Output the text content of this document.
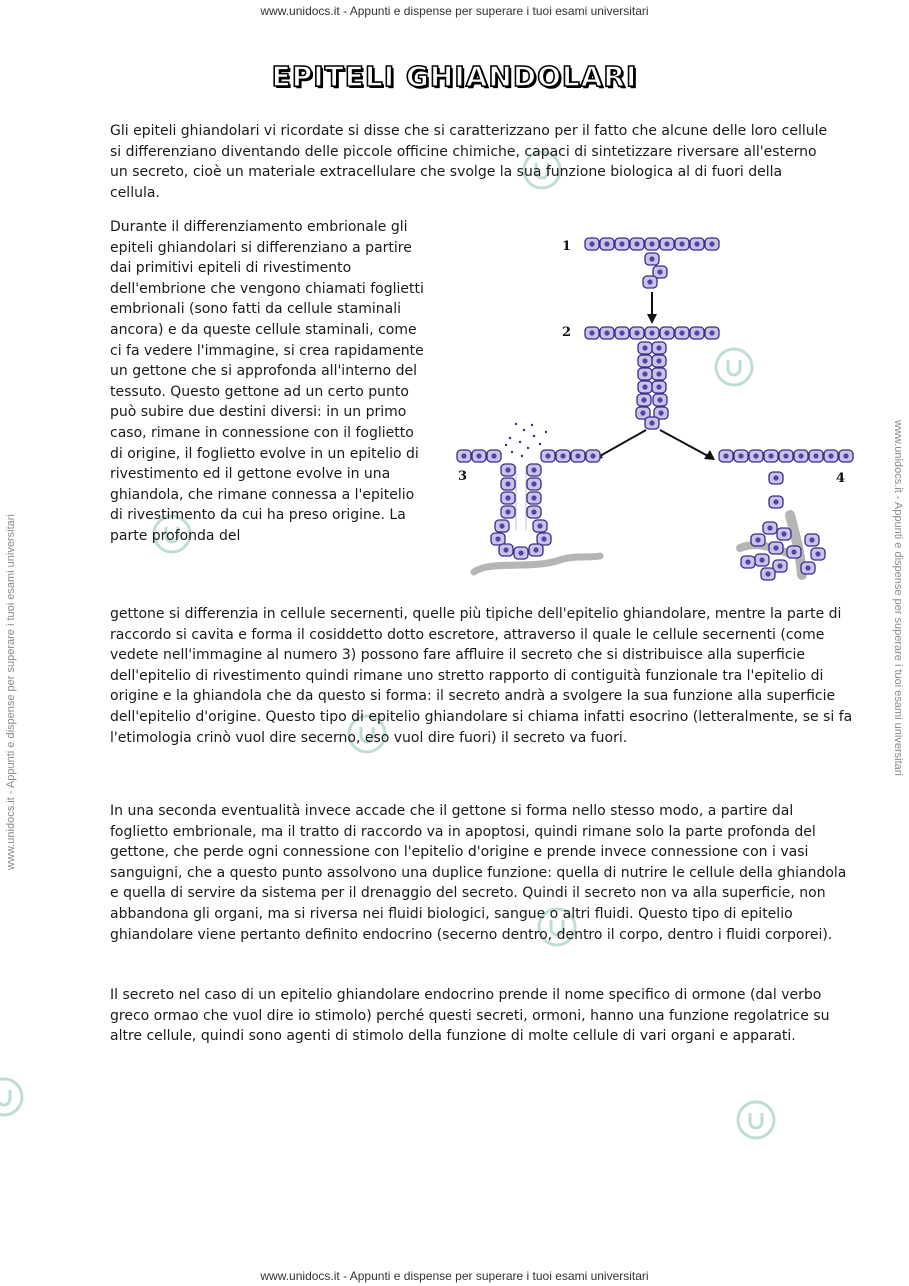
www.unidocs.it - Appunti e dispense per superare i tuoi esami universitari
www.unidocs.it - Appunti e dispense per superare i tuoi esami universitari
www.unidocs.it - Appunti e dispense per superare i tuoi esami universitari	www.unidocs.it - Appunti e dispense per superare i tuoi esami universitari
EPITELI GHIANDOLARI

Gli epiteli ghiandolari vi ricordate si disse che si caratterizzano per il fatto che alcune delle loro cellule si differenziano diventando delle piccole officine chimiche, capaci di sintetizzare riversare all'esterno un secreto, cioè un materiale extracellulare che svolge la sua funzione biologica al di fuori della cellula.

Durante il differenziamento embrionale gli epiteli ghiandolari si differenziano a partire dai primitivi epiteli di rivestimento dell'embrione che vengono chiamati foglietti embrionali (sono fatti da cellule staminali ancora) e da queste cellule staminali, come ci fa vedere l'immagine, si crea rapidamente un gettone che si approfonda all'interno del tessuto. Questo gettone ad un certo punto può subire due destini diversi: in un primo caso, rimane in connessione con il foglietto di origine, il foglietto evolve in un epitelio di rivestimento ed il gettone evolve in una ghiandola, che rimane connessa a l'epitelio di rivestimento da cui ha preso origine. La parte profonda del

gettone si differenzia in cellule secernenti, quelle più tipiche dell'epitelio ghiandolare, mentre la parte di raccordo si cavita e forma il cosiddetto dotto escretore, attraverso il quale le cellule secernenti (come vedete nell'immagine al numero 3) possono fare affluire il secreto che si distribuisce alla superficie dell'epitelio di rivestimento quindi rimane uno stretto rapporto di contiguità funzionale tra l'epitelio di origine e la ghiandola che da questo si forma: il secreto andrà a svolgere la sua funzione alla superficie dell'epitelio d'origine. Questo tipo di epitelio ghiandolare si chiama infatti esocrino (letteralmente, se si fa l'etimologia crinò vuol dire secerno, eso vuol dire fuori) il secreto va fuori.

In una seconda eventualità invece accade che il gettone si forma nello stesso modo, a partire dal foglietto embrionale, ma il tratto di raccordo va in apoptosi, quindi rimane solo la parte profonda del gettone, che perde ogni connessione con l'epitelio d'origine e prende invece connessione con i vasi sanguigni, che a questo punto assolvono una duplice funzione: quella di nutrire le cellule della ghiandola e quella di servire da sistema per il drenaggio del secreto. Quindi il secreto non va alla superficie, non abbandona gli organi, ma si riversa nei fluidi biologici, sangue o altri fluidi. Questo tipo di epitelio ghiandolare viene pertanto definito endocrino (secerno dentro, dentro il corpo, dentro i fluidi corporei).

Il secreto nel caso di un epitelio ghiandolare endocrino prende il nome specifico di ormone (dal verbo greco ormao che vuol dire io stimolo) perché questi secreti, ormoni, hanno una funzione regolatrice su altre cellule, quindi sono agenti di stimolo della funzione di molte cellule di vari organi e apparati.

1
2
3	4
